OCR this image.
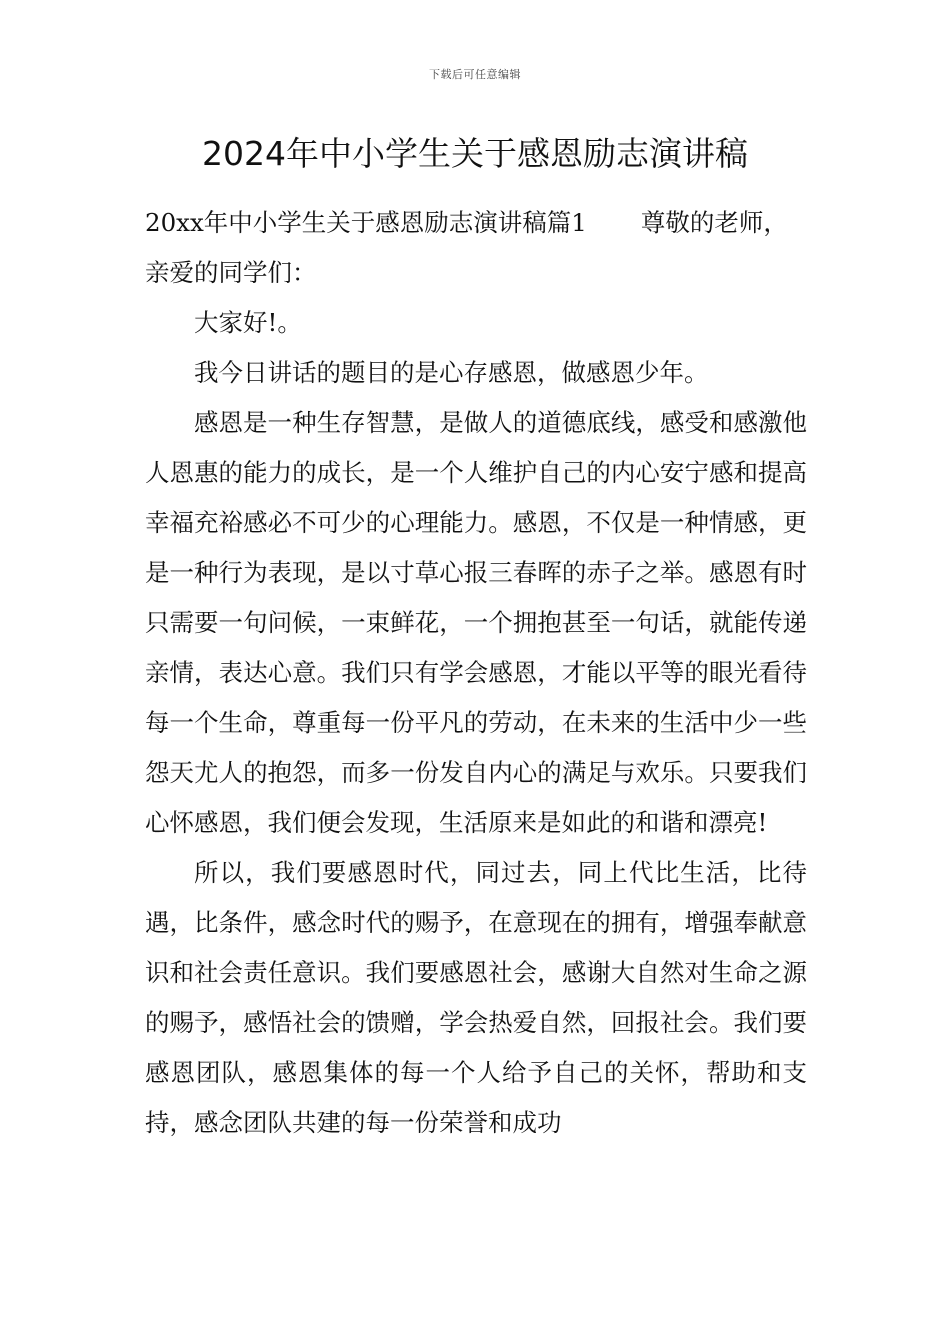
下载后可任意编辑
2024年中小学生关于感恩励志演讲稿

20xx年中小学生关于感恩励志演讲稿篇1 尊敬的老师，

亲爱的同学们：

大家好!。

我今日讲话的题目的是心存感恩，做感恩少年。

感恩是一种生存智慧，是做人的道德底线，感受和感激他人恩惠的能力的成长，是一个人维护自己的内心安宁感和提高幸福充裕感必不可少的心理能力。感恩，不仅是一种情感，更是一种行为表现，是以寸草心报三春晖的赤子之举。感恩有时只需要一句问候，一束鲜花，一个拥抱甚至一句话，就能传递亲情，表达心意。我们只有学会感恩，才能以平等的眼光看待每一个生命，尊重每一份平凡的劳动，在未来的生活中少一些怨天尤人的抱怨，而多一份发自内心的满足与欢乐。只要我们心怀感恩，我们便会发现，生活原来是如此的和谐和漂亮!

所以，我们要感恩时代，同过去，同上代比生活，比待遇，比条件，感念时代的赐予，在意现在的拥有，增强奉献意识和社会责任意识。我们要感恩社会，感谢大自然对生命之源的赐予，感悟社会的馈赠，学会热爱自然，回报社会。我们要感恩团队，感恩集体的每一个人给予自己的关怀，帮助和支持，感念团队共建的每一份荣誉和成功
